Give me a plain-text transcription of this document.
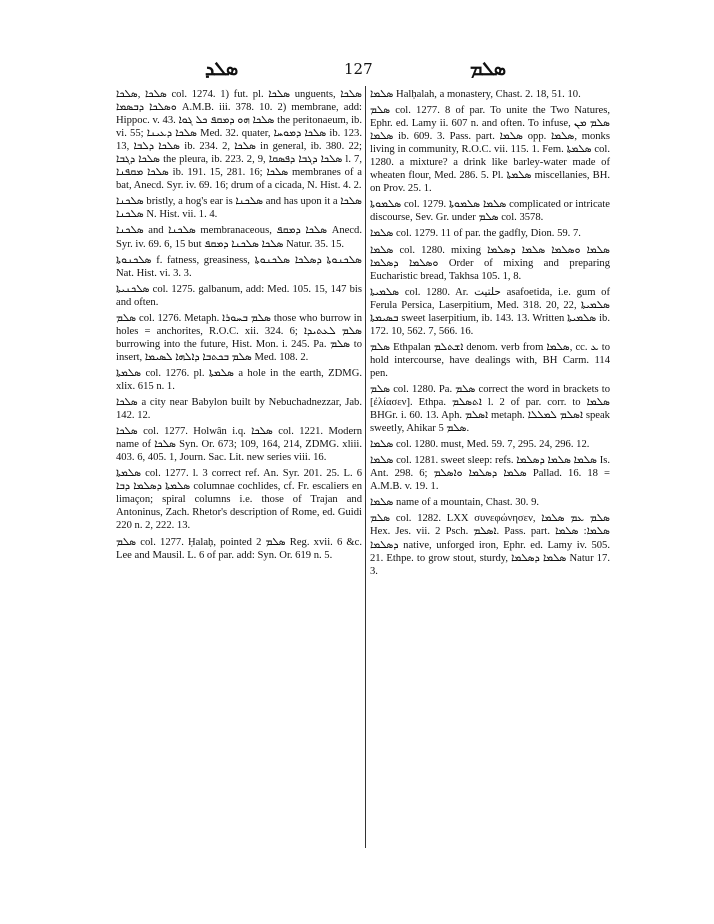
ܣܠܕ	127	ܣܠܡ
ܣܠܟܐ ,ܣܠܟܐ col. 1274. 1) fut. pl. ܣܠܟܐ unguents, ܣܠܟܐ ܘܣܠܟܐ ܕܒܣܡܐ A.M.B. iii. 378. 10. 2) membrane, add: Hippoc. v. 43. ܣܠܟܐ ܗܘ ܕܡܩܦ ܟܠ ܓܘܐ the peritonaeum, ib. vi. 55; ܣܠܟܐ ܕܥܝܢܐ Med. 32. quater, ܣܠܟܐ ܕܡܘܚܐ ib. 123. 13, ܣܠܟܐ ܕܠܒܐ ib. 234. 2, ܣܠܟܐ in general, ib. 380. 22; ܣܠܟܐ ܕܓܒܐ the pleura, ib. 223. 2, 9, ܣܠܟܐ ܕܓܒܐ ܕܦܣܩܐ l. 7, ܣܠܟܐ ܡܩܦܢܐ ib. 191. 15, 281. 16; ܣܠܟܐ membranes of a bat, Anecd. Syr. iv. 69. 16; drum of a cicada, N. Hist. 4. 2.
ܣܠܟܢܐ bristly, a hog's ear is ܣܠܟܢܐ and has upon it a ܣܠܟܐ ܣܠܟܢܐ N. Hist. vii. 1. 4.
ܣܠܟܢܐ and ܣܠܟܢܐ membranaceous, ܣܠܟܐ ܕܡܩܦ Anecd. Syr. iv. 69. 6, 15 but ܣܠܟܐ ܣܠܟܢܐ ܕܡܩܦ Natur. 35. 15.
ܣܠܟܢܘܬܐ f. fatness, greasiness, ܣܠܟܢܘܬܐ ܕܣܠܟܐ ܣܠܟܢܘܬܐ Nat. Hist. vi. 3. 3.
ܣܠܟܢܝܬܐ col. 1275. galbanum, add: Med. 105. 15, 147 bis and often.
ܣܠܡ col. 1276. Metaph. ܣܠܡ ܒܚܘܪܐ those who burrow in holes = anchorites, R.O.C. xii. 324. 6; ܣܠܡ ܠܥܬܝܕܐ burrowing into the future, Hist. Mon. i. 245. Pa. ܣܠܡ to insert, ܣܠܡ ܒܟܬܒܐ ܕܐܠܗܐ ܠܣܝܡܐ Med. 108. 2.
ܣܠܡܬܐ col. 1276. pl. ܣܠܡܬܐ a hole in the earth, ZDMG. xlix. 615 n. 1.
ܣܠܟܐ a city near Babylon built by Nebuchadnezzar, Jab. 142. 12.
ܣܠܟܐ col. 1277. Holwân i.q. ܣܠܟܐ col. 1221. Modern name of ܣܠܟܐ Syn. Or. 673; 109, 164, 214, ZDMG. xliii. 403. 6, 405. 1, Journ. Sac. Lit. new series viii. 16.
ܣܠܡܬܐ col. 1277. l. 3 correct ref. An. Syr. 201. 25. L. 6 ܣܠܡܬܐ ܕܣܠܡܐ ܕܒܐ columnae cochlides, cf. Fr. escaliers en limaçon; spiral columns i.e. those of Trajan and Antoninus, Zach. Rhetor's description of Rome, ed. Guidi 220 n. 2, 222. 13.
ܣܠܡ col. 1277. Ḥalaḥ, pointed ܣܠܡ 2 Reg. xvii. 6 &c. Lee and Mausil. L. 6 of par. add: Syn. Or. 619 n. 5.
ܣܠܡܐ Halḥalah, a monastery, Chast. 2. 18, 51. 10.
ܣܠܡ col. 1277. 8 of par. To unite the Two Natures, Ephr. ed. Lamy ii. 607 n. and often. To infuse, ܣܠܡ ܡܢ ܣܠܡܐ ib. 609. 3. Pass. part. ܣܠܡܐ opp. ܣܠܡܐ, monks living in community, R.O.C. vii. 115. 1. Fem. ܣܠܡܬܐ col. 1280. a mixture? a drink like barley-water made of wheaten flour, Med. 286. 5. Pl. ܣܠܡܬܐ miscellanies, BH. on Prov. 25. 1.
ܣܠܡܘܬܐ col. 1279. ܣܠܡܐ ܣܠܡܘܬܐ complicated or intricate discourse, Sev. Gr. under ܣܠܡ col. 3578.
ܣܠܡܐ col. 1279. 11 of par. the gadfly, Dion. 59. 7.
ܣܠܡܐ col. 1280. mixing ܣܠܡܐ ܘܣܠܡܐ ܣܠܡܐ ܕܣܠܡܐ ܘܣܠܡܐ ܕܣܠܡܐ Order of mixing and preparing Eucharistic bread, Takhsa 105. 1, 8.
ܣܠܡܝܬܐ col. 1280. Ar. حلتيت asafoetida, i.e. gum of Ferula Persica, Laserpitium, Med. 318. 20, 22, ܣܠܡܝܬܐ ܒܣܝܡܬܐ sweet laserpitium, ib. 143. 13. Written ܣܠܡܝܬܐ ib. 172. 10, 562. 7, 566. 16.
ܣܠܡ Ethpalan ܐܫܬܠܡ denom. verb from ܣܠܡܐ, cc. ܥ to hold intercourse, have dealings with, BH Carm. 114 pen.
ܣܠܡ col. 1280. Pa. ܣܠܡ correct the word in brackets to [ἐλίασεν]. Ethpa. ܐܬܣܠܡ l. 2 of par. corr. to ܣܠܡܐ BHGr. i. 60. 13. Aph. ܐܣܠܡ metaph. ܐܣܠܡ ܠܡܠܠܐ speak sweetly, Ahikar ܣܠܡ 5.
ܣܠܡܐ col. 1280. must, Med. 59. 7, 295. 24, 296. 12.
ܣܠܡܐ col. 1281. sweet sleep: refs. ܣܠܡܐ ܣܠܡܐ ܕܣܠܡܐ Is. Ant. 298. 6; ܣܠܡܐ ܕܣܠܡܐ ܘܐܣܠܡ Pallad. 16. 18 = A.M.B. v. 19. 1.
ܣܠܡܐ name of a mountain, Chast. 30. 9.
ܣܠܡ col. 1282. LXX συνεφώνησεν, ܣܠܡ ܥܡ ܣܠܡܐ Hex. Jes. vii. 2 Psch. ܐܣܠܡ. Pass. part. ܣܠܡܐ: ܣܠܡܐ ܕܣܠܡܐ native, unforged iron, Ephr. ed. Lamy iv. 505. 21. Ethpe. to grow stout, sturdy, ܣܠܡܐ ܕܣܠܡܐ Natur 17. 3.
